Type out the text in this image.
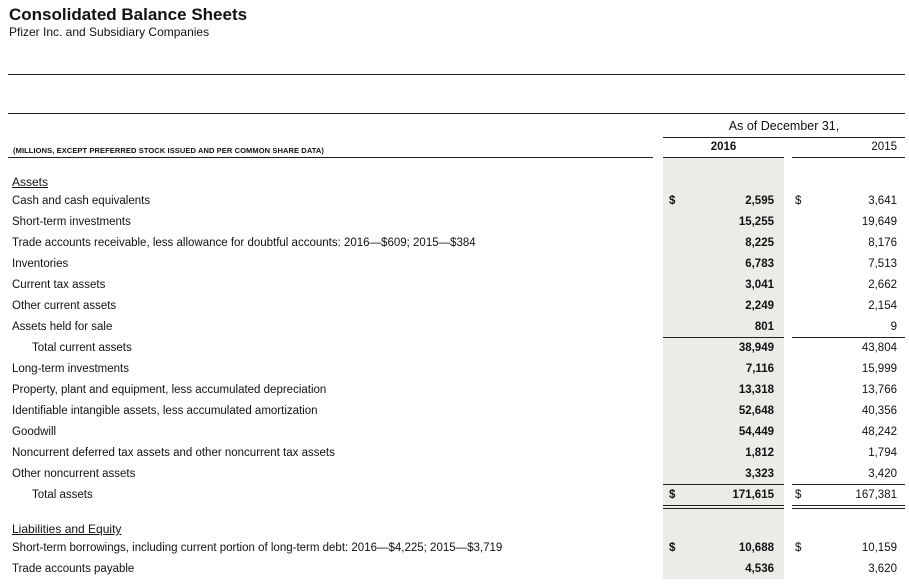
Consolidated Balance Sheets
Pfizer Inc. and Subsidiary Companies
As of December 31,
(MILLIONS, EXCEPT PREFERRED STOCK ISSUED AND PER COMMON SHARE DATA)	2016	2015
Assets
Cash and cash equivalents	$	2,595 $	3,641
Short-term investments	15,255	19,649
Trade accounts receivable, less allowance for doubtful accounts: 2016—$609; 2015—$384	8,225	8,176
Inventories	6,783	7,513
Current tax assets	3,041	2,662
Other current assets	2,249	2,154
Assets held for sale	801	9
Total current assets	38,949	43,804
Long-term investments	7,116	15,999
Property, plant and equipment, less accumulated depreciation	13,318	13,766
Identifiable intangible assets, less accumulated amortization	52,648	40,356
Goodwill	54,449	48,242
Noncurrent deferred tax assets and other noncurrent tax assets	1,812	1,794
Other noncurrent assets	3,323	3,420
Total assets	$	171,615 $	167,381
Liabilities and Equity
Short-term borrowings, including current portion of long-term debt: 2016—$4,225; 2015—$3,719	$	10,688 $	10,159
Trade accounts payable	4,536	3,620
